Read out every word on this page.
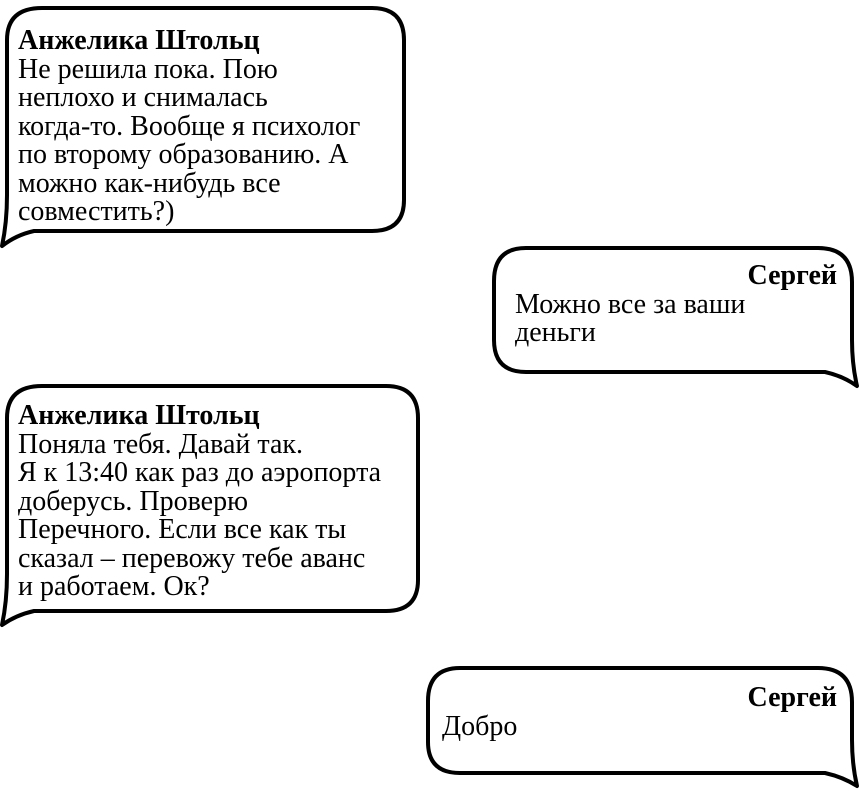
Анжелика Штольц
Не решила пока. Пою
неплохо и снималась
когда-то. Вообще я психолог
по второму образованию. А
можно как-нибудь все
совместить?)
Сергей
Можно все за ваши
деньги
Анжелика Штольц
Поняла тебя. Давай так.
Я к 13:40 как раз до аэропорта
доберусь. Проверю
Перечного. Если все как ты
сказал – перевожу тебе аванс
и работаем. Ок?
Сергей
Добро
